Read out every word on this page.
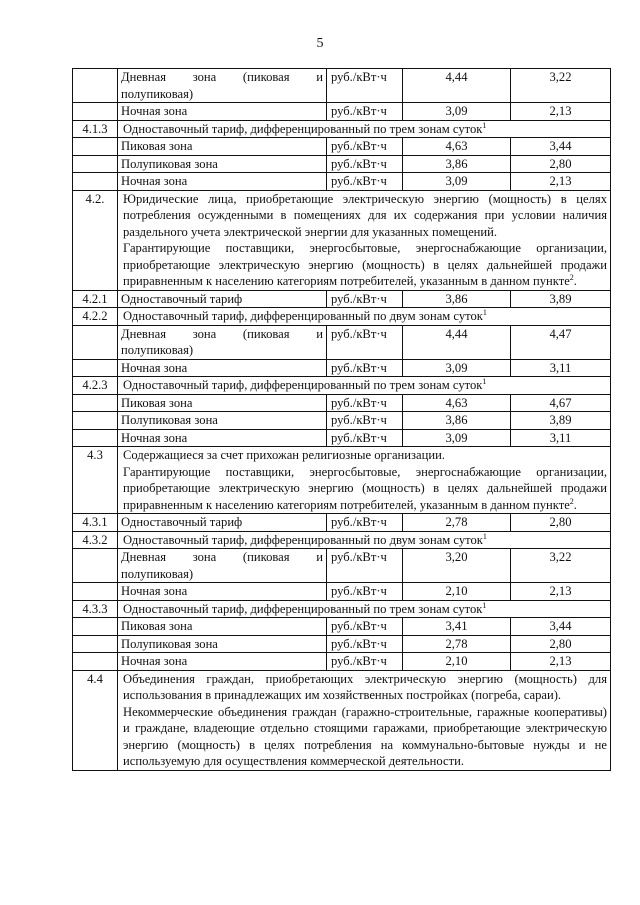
5
	Дневная зона (пиковая и полупиковая)	руб./кВт·ч	4,44	3,22
	Ночная зона	руб./кВт·ч	3,09	2,13
4.1.3	Одноставочный тариф, дифференцированный по трем зонам суток$^1$
	Пиковая зона	руб./кВт·ч	4,63	3,44
	Полупиковая зона	руб./кВт·ч	3,86	2,80
	Ночная зона	руб./кВт·ч	3,09	2,13
4.2.	Юридические лица, приобретающие электрическую энергию (мощность) в целях потребления осужденными в помещениях для их содержания при условии наличия раздельного учета электрической энергии для указанных помещений.

Гарантирующие поставщики, энергосбытовые, энергоснабжающие организации, приобретающие электрическую энергию (мощность) в целях дальнейшей продажи приравненным к населению категориям потребителей, указанным в данном пункте$^2$.			

4.2.1	Одноставочный тариф	руб./кВт·ч	3,86	3,89
4.2.2	Одноставочный тариф, дифференцированный по двум зонам суток$^1$
	Дневная зона (пиковая и полупиковая)	руб./кВт·ч	4,44	4,47
	Ночная зона	руб./кВт·ч	3,09	3,11
4.2.3	Одноставочный тариф, дифференцированный по трем зонам суток$^1$
	Пиковая зона	руб./кВт·ч	4,63	4,67
	Полупиковая зона	руб./кВт·ч	3,86	3,89
	Ночная зона	руб./кВт·ч	3,09	3,11
4.3	Содержащиеся за счет прихожан религиозные организации.

Гарантирующие поставщики, энергосбытовые, энергоснабжающие организации, приобретающие электрическую энергию (мощность) в целях дальнейшей продажи приравненным к населению категориям потребителей, указанным в данном пункте$^2$.			

4.3.1	Одноставочный тариф	руб./кВт·ч	2,78	2,80
4.3.2	Одноставочный тариф, дифференцированный по двум зонам суток$^1$
	Дневная зона (пиковая и полупиковая)	руб./кВт·ч	3,20	3,22
	Ночная зона	руб./кВт·ч	2,10	2,13
4.3.3	Одноставочный тариф, дифференцированный по трем зонам суток$^1$
	Пиковая зона	руб./кВт·ч	3,41	3,44
	Полупиковая зона	руб./кВт·ч	2,78	2,80
	Ночная зона	руб./кВт·ч	2,10	2,13
4.4	Объединения граждан, приобретающих электрическую энергию (мощность) для использования в принадлежащих им хозяйственных постройках (погреба, сараи).

Некоммерческие объединения граждан (гаражно-строительные, гаражные кооперативы) и граждане, владеющие отдельно стоящими гаражами, приобретающие электрическую энергию (мощность) в целях потребления на коммунально-бытовые нужды и не используемую для осуществления коммерческой деятельности.			
